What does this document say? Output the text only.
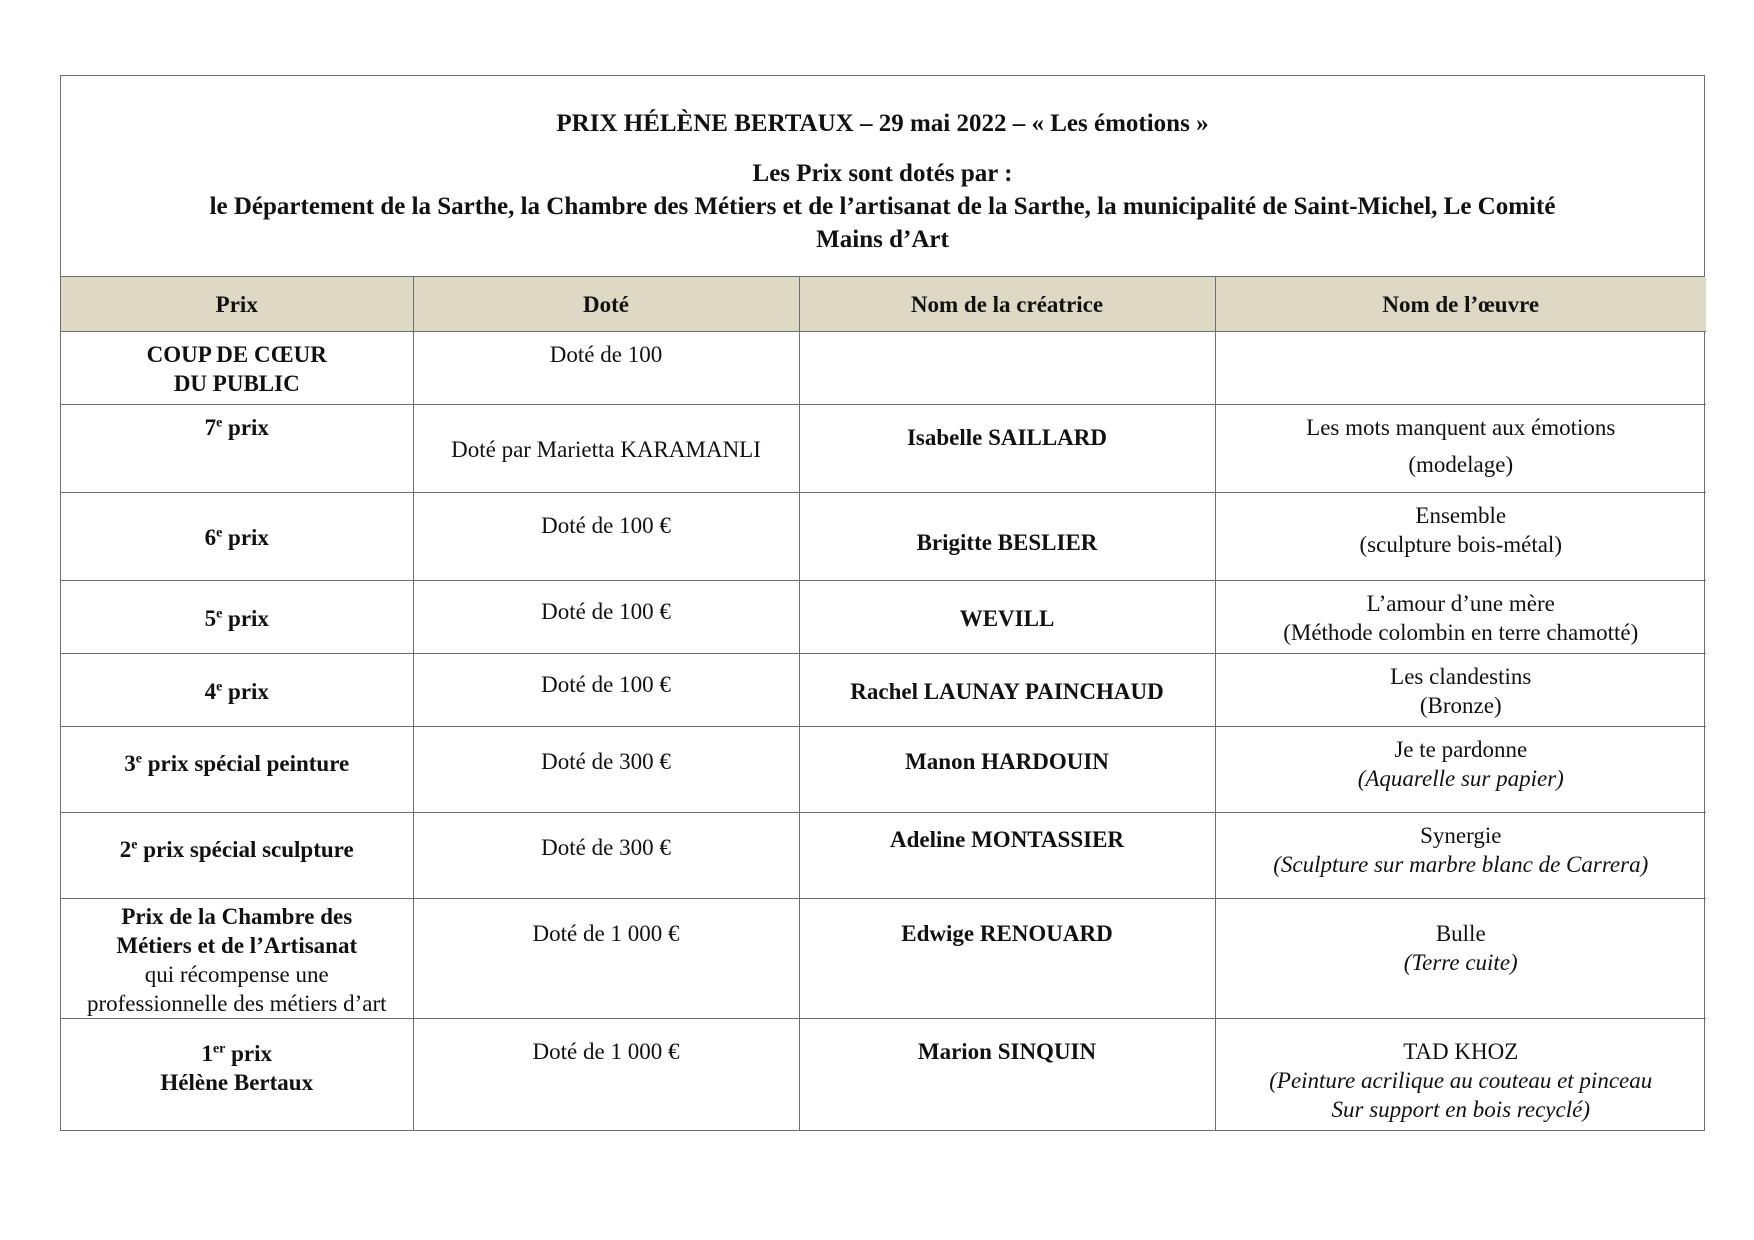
PRIX HÉLÈNE BERTAUX – 29 mai 2022 – « Les émotions »
Les Prix sont dotés par :
le Département de la Sarthe, la Chambre des Métiers et de l’artisanat de la Sarthe, la municipalité de Saint-Michel, Le Comité
Mains d’Art
Prix	Doté	Nom de la créatrice	Nom de l’œuvre

COUP DE CŒUR
DU PUBLIC	Doté de 100		
7e prix	Doté par Marietta KARAMANLI	Isabelle SAILLARD	Les mots manquent aux émotions
(modelage)

6e prix	Doté de 100 €	Brigitte BESLIER	Ensemble
(sculpture bois-métal)

5e prix	Doté de 100 €	WEVILL	L’amour d’une mère
(Méthode colombin en terre chamotté)

4e prix	Doté de 100 €	Rachel LAUNAY PAINCHAUD	Les clandestins
(Bronze)

3e prix spécial peinture	Doté de 300 €	Manon HARDOUIN	Je te pardonne
(Aquarelle sur papier)

2e prix spécial sculpture	Doté de 300 €	Adeline MONTASSIER	Synergie
(Sculpture sur marbre blanc de Carrera)

Prix de la Chambre des
Métiers et de l’Artisanat
qui récompense une
professionnelle des métiers d’art	Doté de 1 000 €	Edwige RENOUARD	Bulle
(Terre cuite)

1er prix
Hélène Bertaux	Doté de 1 000 €	Marion SINQUIN	TAD KHOZ
(Peinture acrilique au couteau et pinceau
Sur support en bois recyclé)
